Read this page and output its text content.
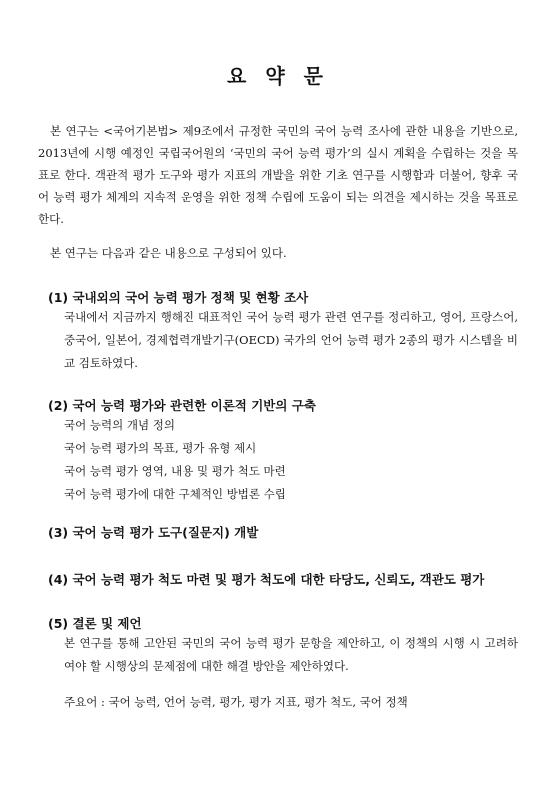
요 약 문

본 연구는 <국어기본법> 제9조에서 규정한 국민의 국어 능력 조사에 관한 내용을 기반으로, 2013년에 시행 예정인 국립국어원의 ‘국민의 국어 능력 평가’의 실시 계획을 수립하는 것을 목표로 한다. 객관적 평가 도구와 평가 지표의 개발을 위한 기초 연구를 시행함과 더불어, 향후 국어 능력 평가 체계의 지속적 운영을 위한 정책 수립에 도움이 되는 의견을 제시하는 것을 목표로 한다.

본 연구는 다음과 같은 내용으로 구성되어 있다.

(1) 국내외의 국어 능력 평가 정책 및 현황 조사

국내에서 지금까지 행해진 대표적인 국어 능력 평가 관련 연구를 정리하고, 영어, 프랑스어, 중국어, 일본어, 경제협력개발기구(OECD) 국가의 언어 능력 평가 2종의 평가 시스템을 비교 검토하였다.

(2) 국어 능력 평가와 관련한 이론적 기반의 구축
국어 능력의 개념 정의
국어 능력 평가의 목표, 평가 유형 제시
국어 능력 평가 영역, 내용 및 평가 척도 마련
국어 능력 평가에 대한 구체적인 방법론 수립
(3) 국어 능력 평가 도구(질문지) 개발
(4) 국어 능력 평가 척도 마련 및 평가 척도에 대한 타당도, 신뢰도, 객관도 평가
(5) 결론 및 제언

본 연구를 통해 고안된 국민의 국어 능력 평가 문항을 제안하고, 이 정책의 시행 시 고려하여야 할 시행상의 문제점에 대한 해결 방안을 제안하였다.

주요어 : 국어 능력, 언어 능력, 평가, 평가 지표, 평가 척도, 국어 정책
